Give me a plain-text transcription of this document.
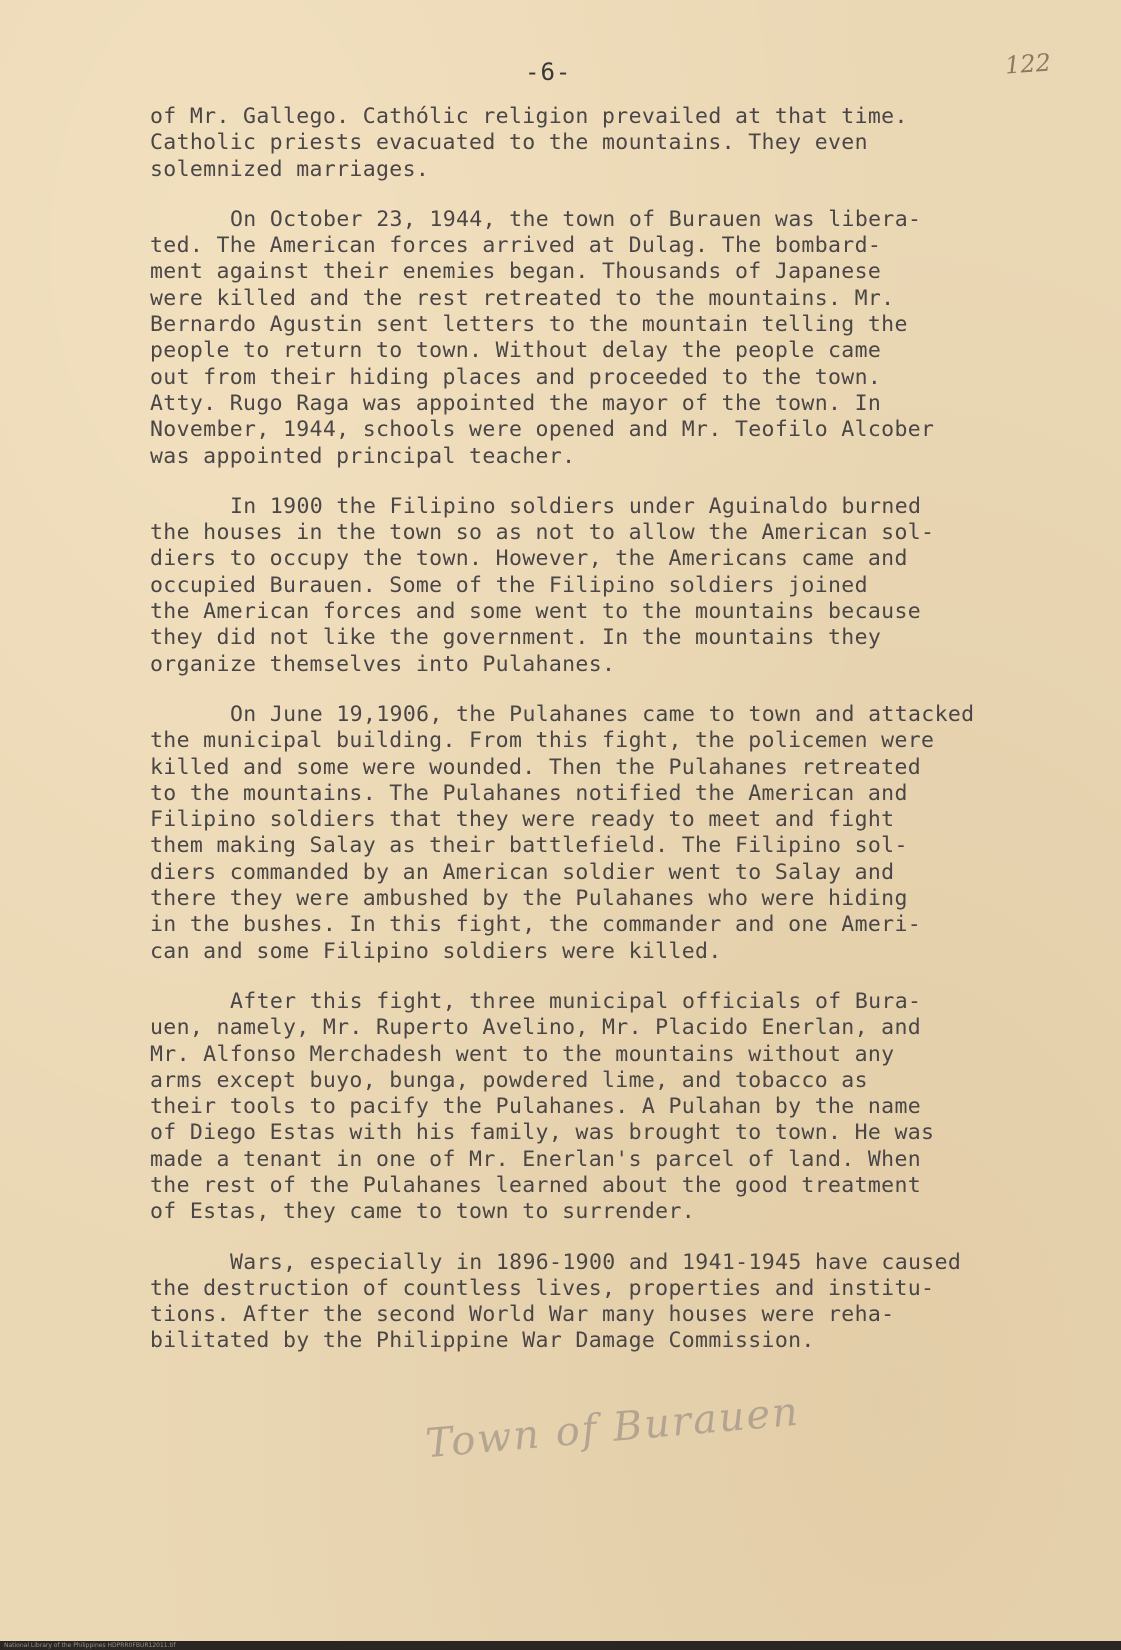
-6-	122

of Mr. Gallego. Cathólic religion prevailed at that time.
Catholic priests evacuated to the mountains. They even
solemnized marriages.

On October 23, 1944, the town of Burauen was libera-
ted. The American forces arrived at Dulag. The bombard-
ment against their enemies began. Thousands of Japanese
were killed and the rest retreated to the mountains. Mr.
Bernardo Agustin sent letters to the mountain telling the
people to return to town. Without delay the people came
out from their hiding places and proceeded to the town.
Atty. Rugo Raga was appointed the mayor of the town. In
November, 1944, schools were opened and Mr. Teofilo Alcober
was appointed principal teacher.

In 1900 the Filipino soldiers under Aguinaldo burned
the houses in the town so as not to allow the American sol-
diers to occupy the town. However, the Americans came and
occupied Burauen. Some of the Filipino soldiers joined
the American forces and some went to the mountains because
they did not like the government. In the mountains they
organize themselves into Pulahanes.

On June 19,1906, the Pulahanes came to town and attacked
the municipal building. From this fight, the policemen were
killed and some were wounded. Then the Pulahanes retreated
to the mountains. The Pulahanes notified the American and
Filipino soldiers that they were ready to meet and fight
them making Salay as their battlefield. The Filipino sol-
diers commanded by an American soldier went to Salay and
there they were ambushed by the Pulahanes who were hiding
in the bushes. In this fight, the commander and one Ameri-
can and some Filipino soldiers were killed.

After this fight, three municipal officials of Bura-
uen, namely, Mr. Ruperto Avelino, Mr. Placido Enerlan, and
Mr. Alfonso Merchadesh went to the mountains without any
arms except buyo, bunga, powdered lime, and tobacco as
their tools to pacify the Pulahanes. A Pulahan by the name
of Diego Estas with his family, was brought to town. He was
made a tenant in one of Mr. Enerlan's parcel of land. When
the rest of the Pulahanes learned about the good treatment
of Estas, they came to town to surrender.

Wars, especially in 1896-1900 and 1941-1945 have caused
the destruction of countless lives, properties and institu-
tions. After the second World War many houses were reha-
bilitated by the Philippine War Damage Commission.

Town of Burauen
National Library of the Philippines HDPRR0FBUR12011.tif
